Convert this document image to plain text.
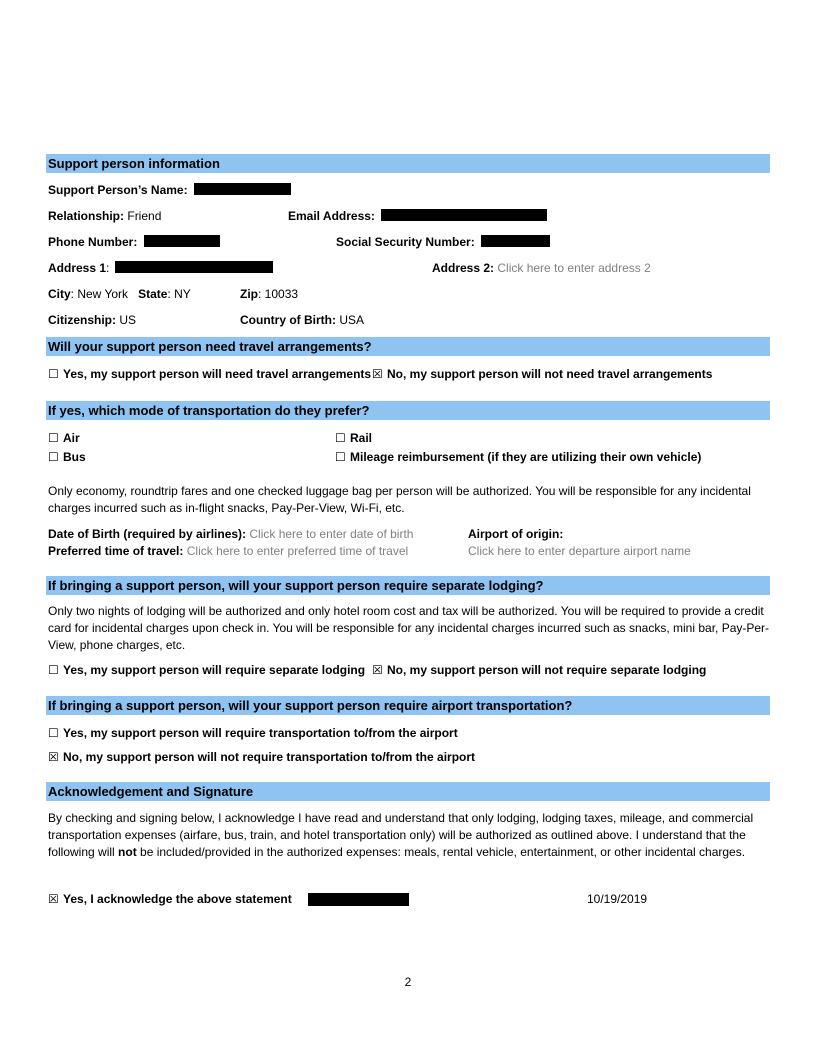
Support person information
Support Person’s Name:
Relationship: Friend	Email Address:
Phone Number:	Social Security Number:
Address 1:	Address 2: Click here to enter address 2
City: New York State: NY	Zip: 10033
Citizenship: US	Country of Birth: USA
Will your support person need travel arrangements?
☐ Yes, my support person will need travel arrangements ☒ No, my support person will not need travel arrangements
If yes, which mode of transportation do they prefer?
☐ Air	☐ Rail
☐ Bus	☐ Mileage reimbursement (if they are utilizing their own vehicle)
Only economy, roundtrip fares and one checked luggage bag per person will be authorized. You will be responsible for any incidental charges incurred such as in-flight snacks, Pay-Per-View, Wi-Fi, etc.
Date of Birth (required by airlines): Click here to enter date of birth	Airport of origin:
Preferred time of travel: Click here to enter preferred time of travel	Click here to enter departure airport name
If bringing a support person, will your support person require separate lodging?
Only two nights of lodging will be authorized and only hotel room cost and tax will be authorized. You will be required to provide a credit card for incidental charges upon check in. You will be responsible for any incidental charges incurred such as snacks, mini bar, Pay-Per-View, phone charges, etc.
☐ Yes, my support person will require separate lodging ☒ No, my support person will not require separate lodging
If bringing a support person, will your support person require airport transportation?
☐ Yes, my support person will require transportation to/from the airport
☒ No, my support person will not require transportation to/from the airport
Acknowledgement and Signature
By checking and signing below, I acknowledge I have read and understand that only lodging, lodging taxes, mileage, and commercial transportation expenses (airfare, bus, train, and hotel transportation only) will be authorized as outlined above. I understand that the following will not be included/provided in the authorized expenses: meals, rental vehicle, entertainment, or other incidental charges.
☒ Yes, I acknowledge the above statement	10/19/2019
2
